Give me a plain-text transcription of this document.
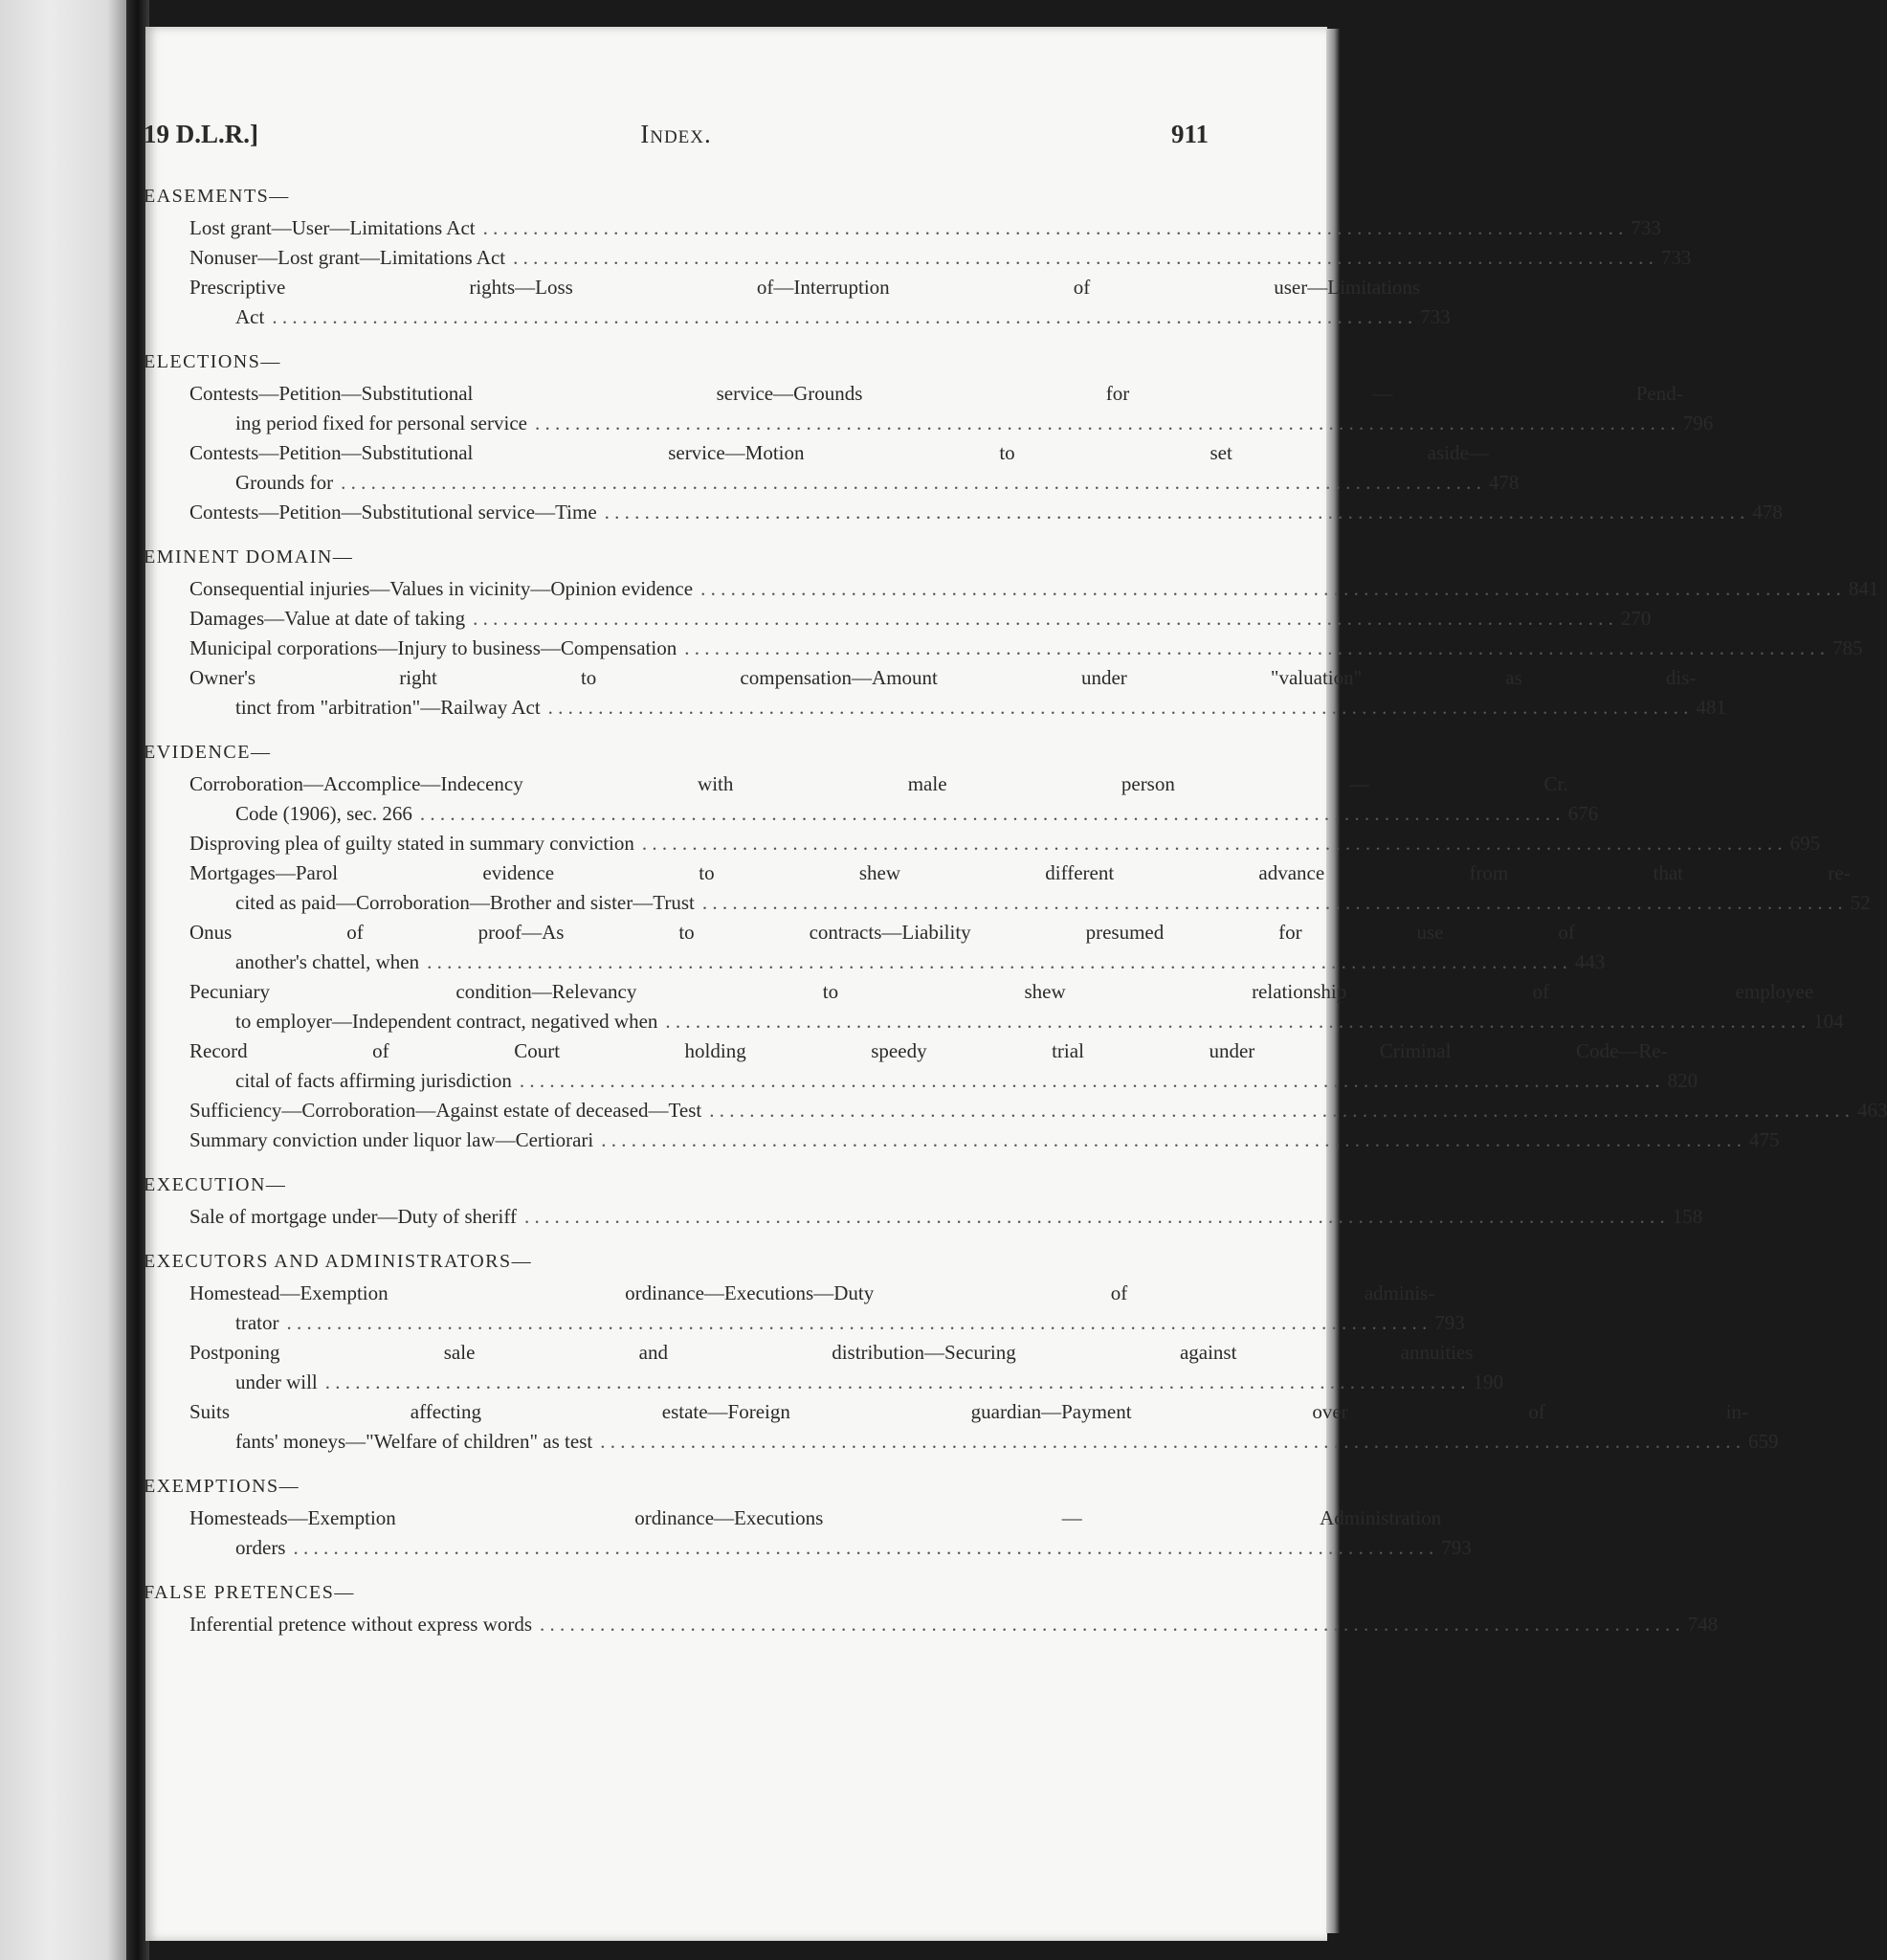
19 D.L.R.]	Index.	911
EASEMENTS—
Lost grant—User—Limitations Act . . .	733
Nonuser—Lost grant—Limitations Act . . .	733
Prescriptive rights—Loss of—Interruption of user—Limitations
Act . . .	733
ELECTIONS—
Contests—Petition—Substitutional service—Grounds for — Pend-
ing period fixed for personal service . . .	796
Contests—Petition—Substitutional service—Motion to set aside—
Grounds for . . .	478
Contests—Petition—Substitutional service—Time . . .	478
EMINENT DOMAIN—
Consequential injuries—Values in vicinity—Opinion evidence . . .	841
Damages—Value at date of taking . . .	270
Municipal corporations—Injury to business—Compensation . . .	785
Owner's right to compensation—Amount under "valuation" as dis-
tinct from "arbitration"—Railway Act . . .	481
EVIDENCE—
Corroboration—Accomplice—Indecency with male person — Cr.
Code (1906), sec. 266 . . .	676
Disproving plea of guilty stated in summary conviction . . .	695
Mortgages—Parol evidence to shew different advance from that re-
cited as paid—Corroboration—Brother and sister—Trust . . .	52
Onus of proof—As to contracts—Liability presumed for use of
another's chattel, when . . .	443
Pecuniary condition—Relevancy to shew relationship of employee
to employer—Independent contract, negatived when . . .	104
Record of Court holding speedy trial under Criminal Code—Re-
cital of facts affirming jurisdiction . . .	820
Sufficiency—Corroboration—Against estate of deceased—Test . . .	463
Summary conviction under liquor law—Certiorari . . .	475
EXECUTION—
Sale of mortgage under—Duty of sheriff . . .	158
EXECUTORS AND ADMINISTRATORS—
Homestead—Exemption ordinance—Executions—Duty of adminis-
trator . . .	793
Postponing sale and distribution—Securing against annuities
under will . . .	190
Suits affecting estate—Foreign guardian—Payment over of in-
fants' moneys—"Welfare of children" as test . . .	659
EXEMPTIONS—
Homesteads—Exemption ordinance—Executions — Administration
orders . . .	793
FALSE PRETENCES—
Inferential pretence without express words . . .	748
